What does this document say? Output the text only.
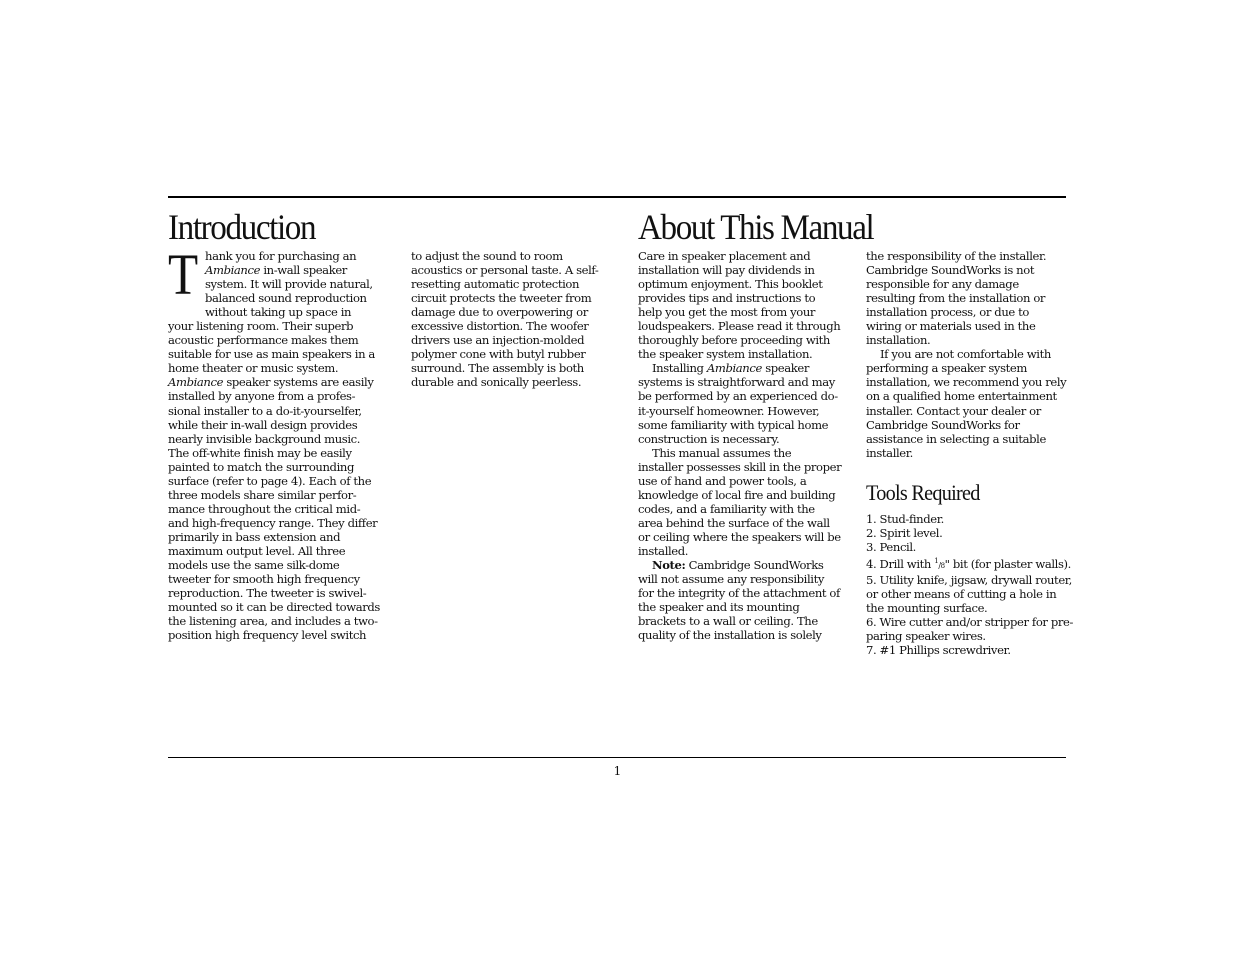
Introduction	About This Manual
T hank you for purchasing an
Ambiance in-wall speaker
system. It will provide natural,
balanced sound reproduction
without taking up space in
your listening room. Their superb
acoustic performance makes them
suitable for use as main speakers in a
home theater or music system.
Ambiance speaker systems are easily
installed by anyone from a profes-
sional installer to a do-it-yourselfer,
while their in-wall design provides
nearly invisible background music.
The off-white finish may be easily
painted to match the surrounding
surface (refer to page 4). Each of the
three models share similar perfor-
mance throughout the critical mid-
and high-frequency range. They differ
primarily in bass extension and
maximum output level. All three
models use the same silk-dome
tweeter for smooth high frequency
reproduction. The tweeter is swivel-
mounted so it can be directed towards
the listening area, and includes a two-
position high frequency level switch
to adjust the sound to room
acoustics or personal taste. A self-
resetting automatic protection
circuit protects the tweeter from
damage due to overpowering or
excessive distortion. The woofer
drivers use an injection-molded
polymer cone with butyl rubber
surround. The assembly is both
durable and sonically peerless.
Care in speaker placement and
installation will pay dividends in
optimum enjoyment. This booklet
provides tips and instructions to
help you get the most from your
loudspeakers. Please read it through
thoroughly before proceeding with
the speaker system installation.
Installing Ambiance speaker
systems is straightforward and may
be performed by an experienced do-
it-yourself homeowner. However,
some familiarity with typical home
construction is necessary.
This manual assumes the
installer possesses skill in the proper
use of hand and power tools, a
knowledge of local fire and building
codes, and a familiarity with the
area behind the surface of the wall
or ceiling where the speakers will be
installed.
Note: Cambridge SoundWorks
will not assume any responsibility
for the integrity of the attachment of
the speaker and its mounting
brackets to a wall or ceiling. The
quality of the installation is solely
the responsibility of the installer.
Cambridge SoundWorks is not
responsible for any damage
resulting from the installation or
installation process, or due to
wiring or materials used in the
installation.
If you are not comfortable with
performing a speaker system
installation, we recommend you rely
on a qualified home entertainment
installer. Contact your dealer or
Cambridge SoundWorks for
assistance in selecting a suitable
installer.
Tools Required
1. Stud-finder.
2. Spirit level.
3. Pencil.
4. Drill with $^1$/8" bit (for plaster walls).
5. Utility knife, jigsaw, drywall router,
or other means of cutting a hole in
the mounting surface.
6. Wire cutter and/or stripper for pre-
paring speaker wires.
7. #1 Phillips screwdriver.
1
